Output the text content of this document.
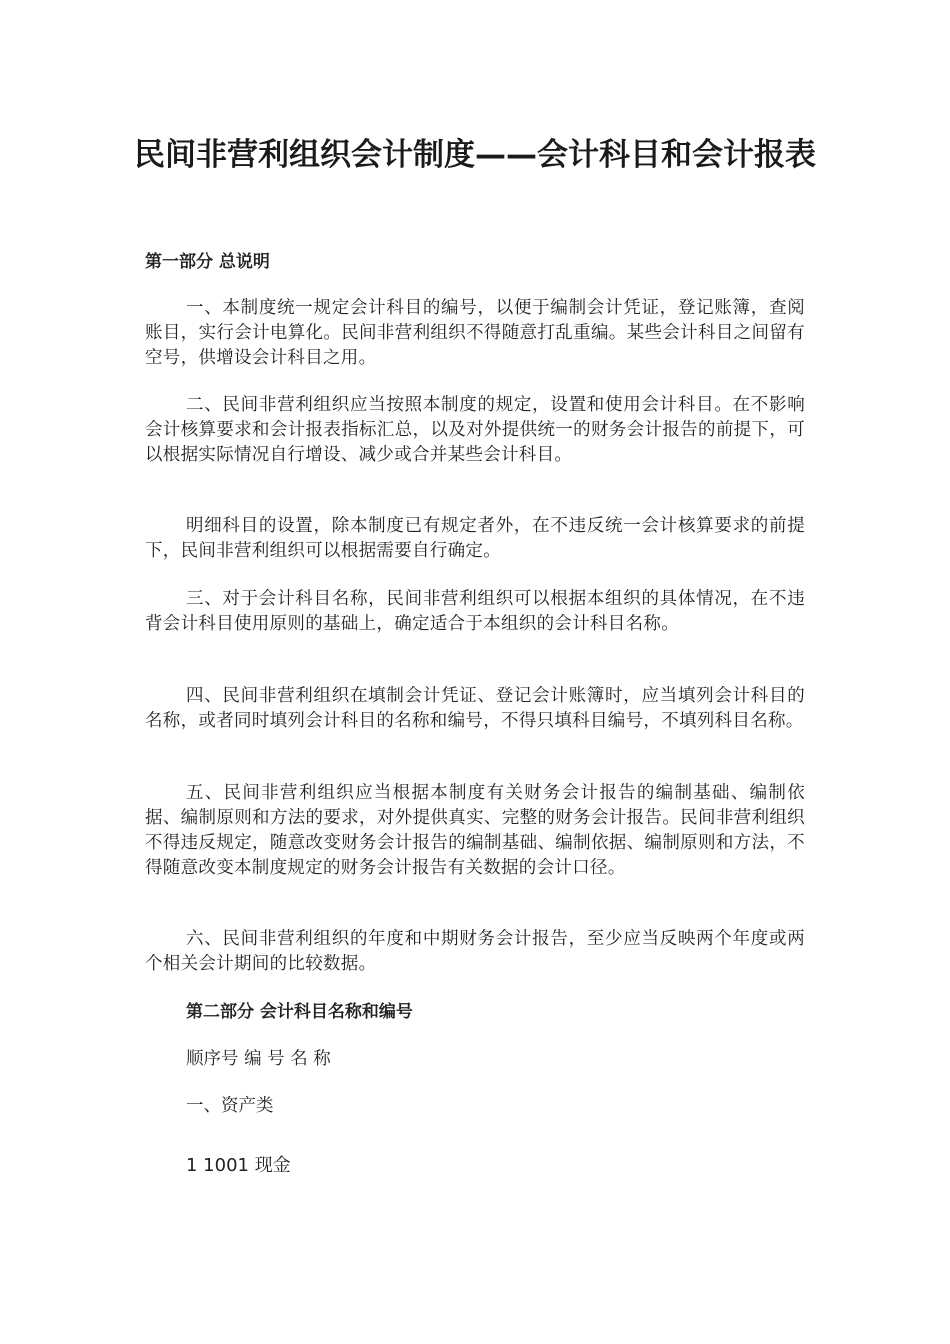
民间非营利组织会计制度——会计科目和会计报表
第一部分 总说明
一、本制度统一规定会计科目的编号，以便于编制会计凭证，登记账簿，查阅账目，实行会计电算化。民间非营利组织不得随意打乱重编。某些会计科目之间留有空号，供增设会计科目之用。
二、民间非营利组织应当按照本制度的规定，设置和使用会计科目。在不影响会计核算要求和会计报表指标汇总，以及对外提供统一的财务会计报告的前提下，可以根据实际情况自行增设、减少或合并某些会计科目。
明细科目的设置，除本制度已有规定者外，在不违反统一会计核算要求的前提下，民间非营利组织可以根据需要自行确定。
三、对于会计科目名称，民间非营利组织可以根据本组织的具体情况，在不违背会计科目使用原则的基础上，确定适合于本组织的会计科目名称。
四、民间非营利组织在填制会计凭证、登记会计账簿时，应当填列会计科目的名称，或者同时填列会计科目的名称和编号，不得只填科目编号，不填列科目名称。
五、民间非营利组织应当根据本制度有关财务会计报告的编制基础、编制依据、编制原则和方法的要求，对外提供真实、完整的财务会计报告。民间非营利组织不得违反规定，随意改变财务会计报告的编制基础、编制依据、编制原则和方法，不得随意改变本制度规定的财务会计报告有关数据的会计口径。
六、民间非营利组织的年度和中期财务会计报告，至少应当反映两个年度或两个相关会计期间的比较数据。
第二部分 会计科目名称和编号
顺序号 编 号 名 称
一、资产类
1 1001 现金
